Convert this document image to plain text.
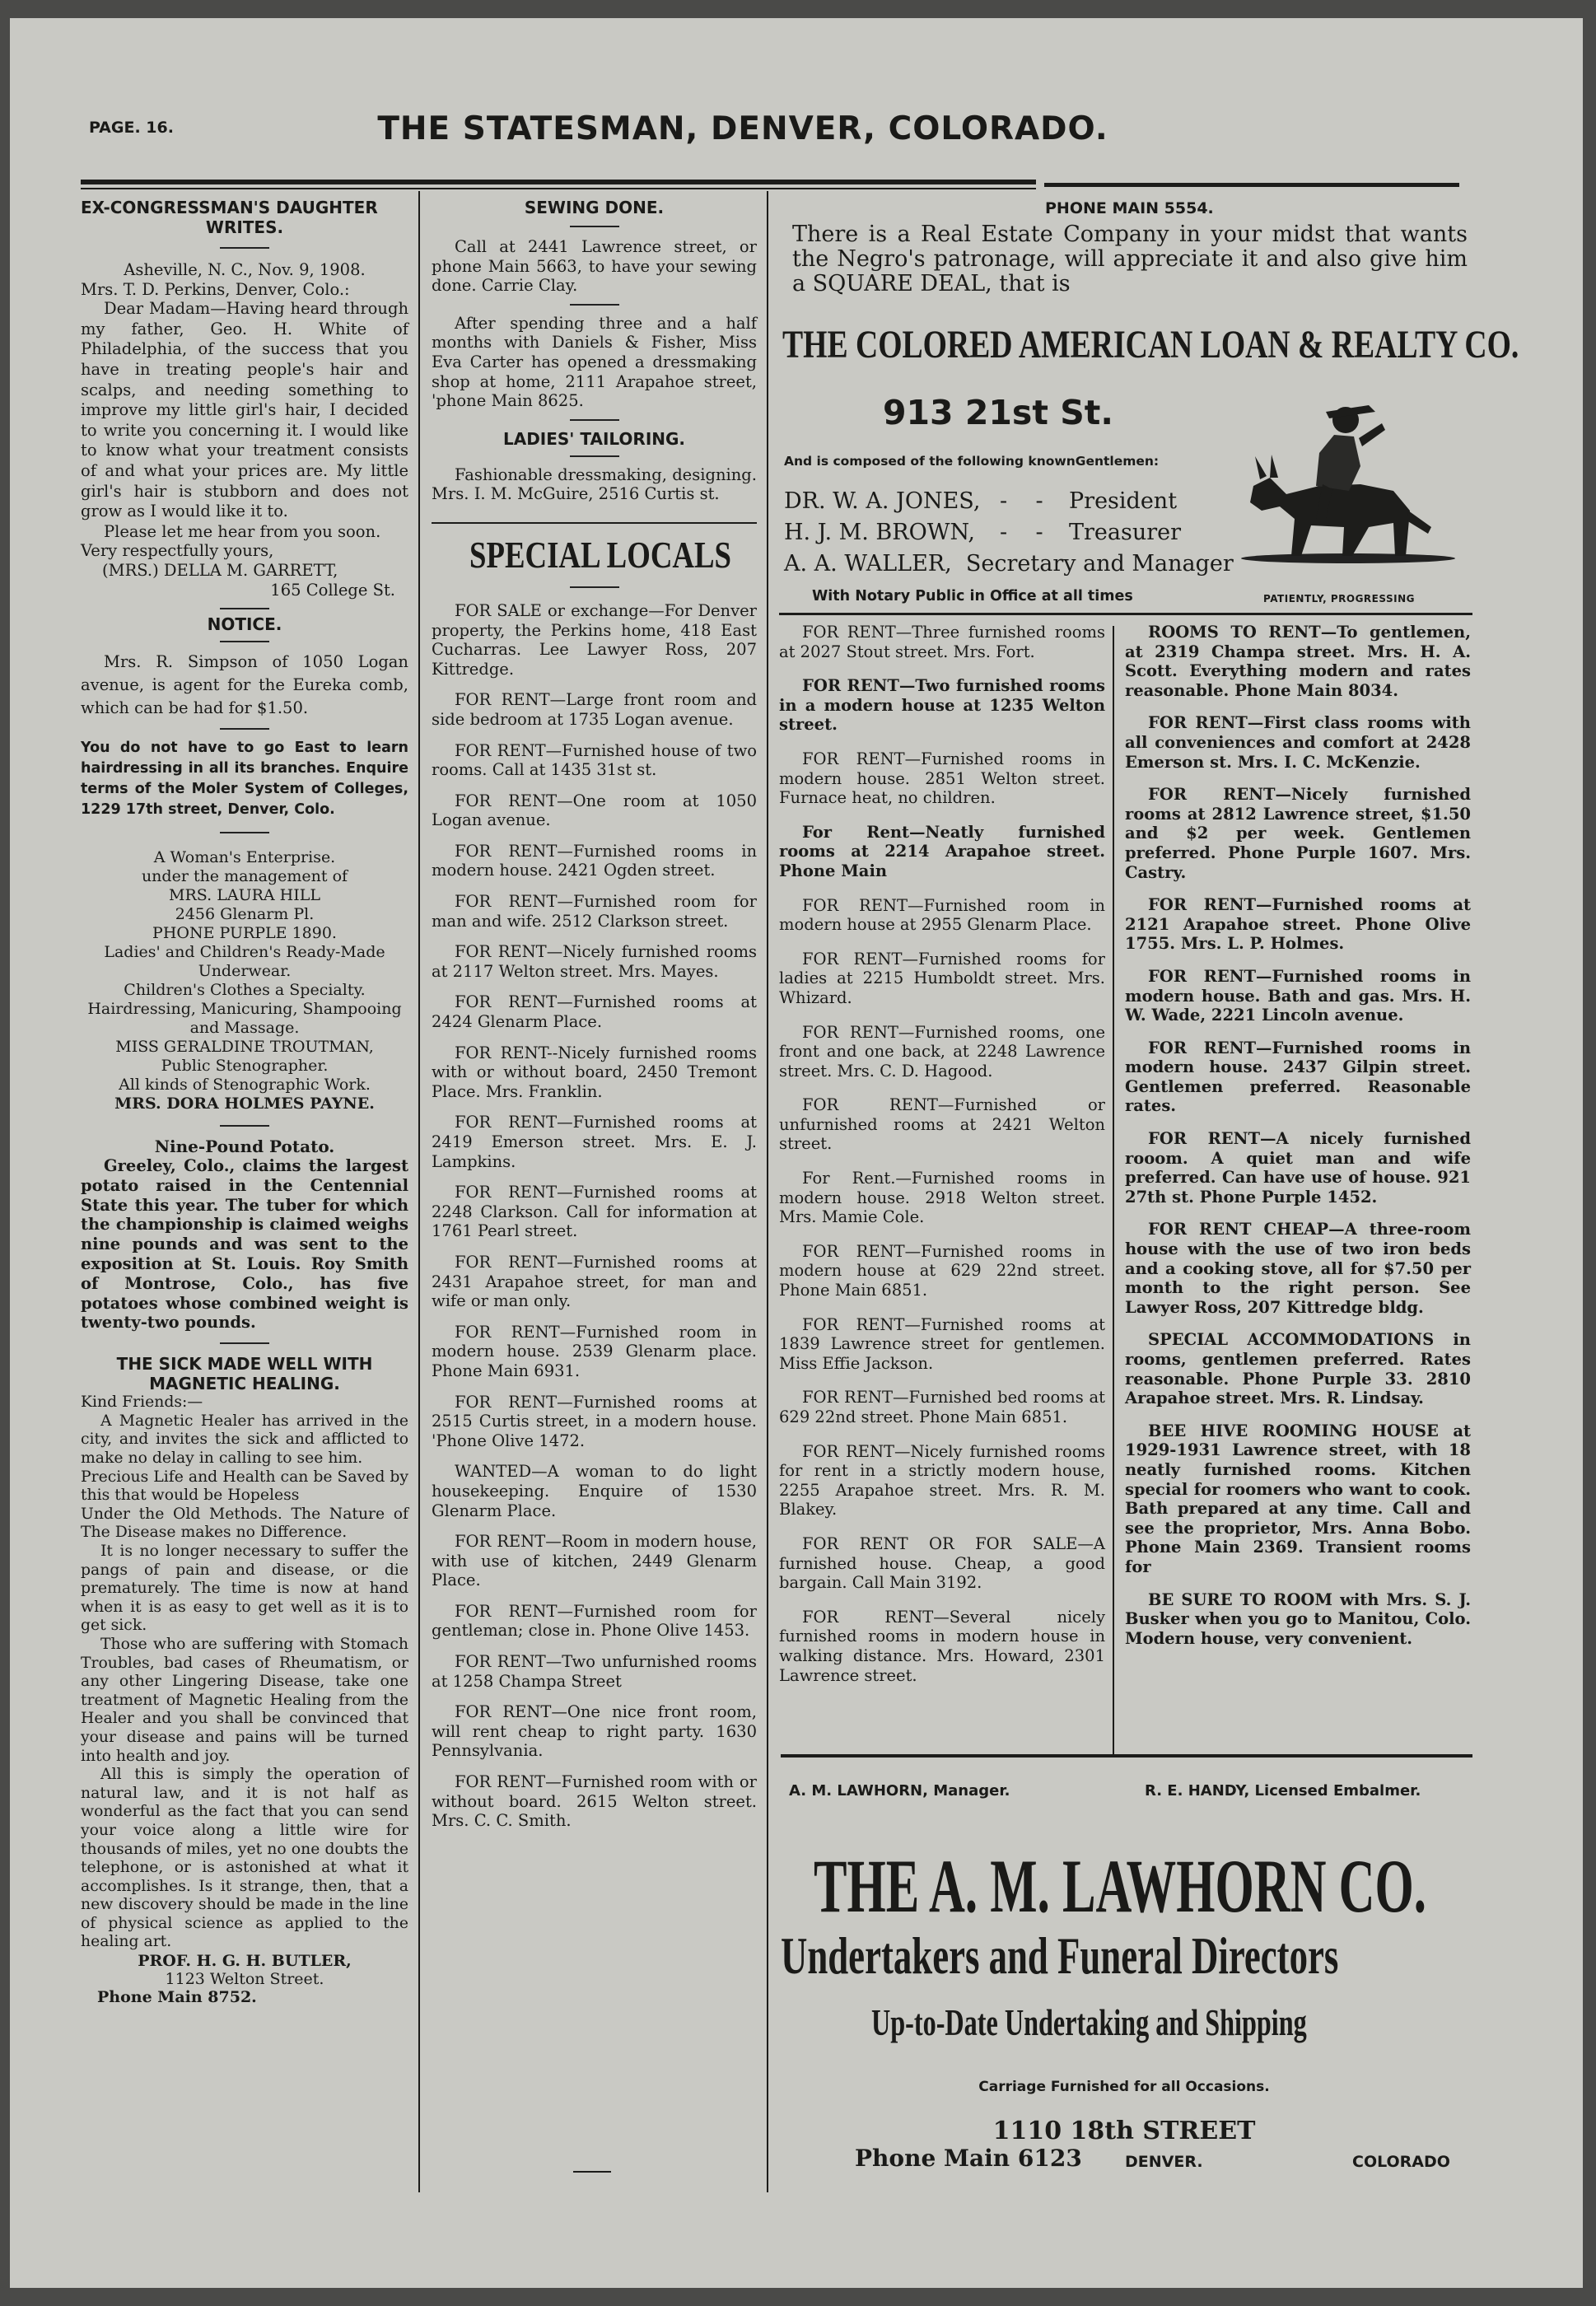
PAGE. 16.	THE STATESMAN, DENVER, COLORADO.

EX-CONGRESSMAN'S DAUGHTER

WRITES.

Asheville, N. C., Nov. 9, 1908.

Mrs. T. D. Perkins, Denver, Colo.:

Dear Madam—Having heard through my father, Geo. H. White of Philadelphia, of the success that you have in treating people's hair and scalps, and needing something to improve my little girl's hair, I decided to write you concerning it. I would like to know what your treatment consists of and what your prices are. My little girl's hair is stubborn and does not grow as I would like it to.

Please let me hear from you soon.

Very respectfully yours,

(MRS.) DELLA M. GARRETT,

165 College St.

NOTICE.

Mrs. R. Simpson of 1050 Logan avenue, is agent for the Eureka comb, which can be had for $1.50.

You do not have to go East to learn hairdressing in all its branches. Enquire terms of the Moler System of Colleges, 1229 17th street, Denver, Colo.

A Woman's Enterprise.
under the management of
MRS. LAURA HILL
2456 Glenarm Pl.
PHONE PURPLE 1890.
Ladies' and Children's Ready-Made Underwear.
Children's Clothes a Specialty.
Hairdressing, Manicuring, Shampooing and Massage.
MISS GERALDINE TROUTMAN,
Public Stenographer.
All kinds of Stenographic Work.
MRS. DORA HOLMES PAYNE.

Nine-Pound Potato.

Greeley, Colo., claims the largest potato raised in the Centennial State this year. The tuber for which the championship is claimed weighs nine pounds and was sent to the exposition at St. Louis. Roy Smith of Montrose, Colo., has five potatoes whose combined weight is twenty-two pounds.

THE SICK MADE WELL WITH
MAGNETIC HEALING.

Kind Friends:—
A Magnetic Healer has arrived in the city, and invites the sick and afflicted to make no delay in calling to see him.
Precious Life and Health can be Saved by this that would be Hopeless
Under the Old Methods. The Nature of The Disease makes no Difference.
It is no longer necessary to suffer the pangs of pain and disease, or die prematurely. The time is now at hand when it is as easy to get well as it is to get sick.
Those who are suffering with Stomach Troubles, bad cases of Rheumatism, or any other Lingering Disease, take one treatment of Magnetic Healing from the Healer and you shall be convinced that your disease and pains will be turned into health and joy.
All this is simply the operation of natural law, and it is not half as wonderful as the fact that you can send your voice along a little wire for thousands of miles, yet no one doubts the telephone, or is astonished at what it accomplishes. Is it strange, then, that a new discovery should be made in the line of physical science as applied to the healing art.

PROF. H. G. H. BUTLER,

1123 Welton Street.

Phone Main 8752.

SEWING DONE.

Call at 2441 Lawrence street, or phone Main 5663, to have your sewing done. Carrie Clay.

After spending three and a half months with Daniels & Fisher, Miss Eva Carter has opened a dressmaking shop at home, 2111 Arapahoe street, 'phone Main 8625.

LADIES' TAILORING.

Fashionable dressmaking, designing. Mrs. I. M. McGuire, 2516 Curtis st.

SPECIAL LOCALS

FOR SALE or exchange—For Denver property, the Perkins home, 418 East Cucharras. Lee Lawyer Ross, 207 Kittredge.

FOR RENT—Large front room and side bedroom at 1735 Logan avenue.

FOR RENT—Furnished house of two rooms. Call at 1435 31st st.

FOR RENT—One room at 1050 Logan avenue.

FOR RENT—Furnished rooms in modern house. 2421 Ogden street.

FOR RENT—Furnished room for man and wife. 2512 Clarkson street.

FOR RENT—Nicely furnished rooms at 2117 Welton street. Mrs. Mayes.

FOR RENT—Furnished rooms at 2424 Glenarm Place.

FOR RENT--Nicely furnished rooms with or without board, 2450 Tremont Place. Mrs. Franklin.

FOR RENT—Furnished rooms at 2419 Emerson street. Mrs. E. J. Lampkins.

FOR RENT—Furnished rooms at 2248 Clarkson. Call for information at 1761 Pearl street.

FOR RENT—Furnished rooms at 2431 Arapahoe street, for man and wife or man only.

FOR RENT—Furnished room in modern house. 2539 Glenarm place. Phone Main 6931.

FOR RENT—Furnished rooms at 2515 Curtis street, in a modern house. 'Phone Olive 1472.

WANTED—A woman to do light housekeeping. Enquire of 1530 Glenarm Place.

FOR RENT—Room in modern house, with use of kitchen, 2449 Glenarm Place.

FOR RENT—Furnished room for gentleman; close in. Phone Olive 1453.

FOR RENT—Two unfurnished rooms at 1258 Champa Street

FOR RENT—One nice front room, will rent cheap to right party. 1630 Pennsylvania.

FOR RENT—Furnished room with or without board. 2615 Welton street. Mrs. C. C. Smith.

PHONE MAIN 5554.
There is a Real Estate Company in your midst that wants the Negro's patronage, will appreciate it and also give him a SQUARE DEAL, that is
THE COLORED AMERICAN LOAN & REALTY CO.
913 21st St.
And is composed of the following knownGentlemen:
DR. W. A. JONES, -    - President
H. J. M. BROWN, -    - Treasurer
A. A. WALLER, Secretary and Manager
With Notary Public in Office at all times	PATIENTLY, PROGRESSING

FOR RENT—Three furnished rooms at 2027 Stout street. Mrs. Fort.

FOR RENT—Two furnished rooms in a modern house at 1235 Welton street.

FOR RENT—Furnished rooms in modern house. 2851 Welton street. Furnace heat, no children.

For Rent—Neatly furnished rooms at 2214 Arapahoe street. Phone Main

FOR RENT—Furnished room in modern house at 2955 Glenarm Place.

FOR RENT—Furnished rooms for ladies at 2215 Humboldt street. Mrs. Whizard.

FOR RENT—Furnished rooms, one front and one back, at 2248 Lawrence street. Mrs. C. D. Hagood.

FOR RENT—Furnished or unfurnished rooms at 2421 Welton street.

For Rent.—Furnished rooms in modern house. 2918 Welton street. Mrs. Mamie Cole.

FOR RENT—Furnished rooms in modern house at 629 22nd street. Phone Main 6851.

FOR RENT—Furnished rooms at 1839 Lawrence street for gentlemen. Miss Effie Jackson.

FOR RENT—Furnished bed rooms at 629 22nd street. Phone Main 6851.

FOR RENT—Nicely furnished rooms for rent in a strictly modern house, 2255 Arapahoe street. Mrs. R. M. Blakey.

FOR RENT OR FOR SALE—A furnished house. Cheap, a good bargain. Call Main 3192.

FOR RENT—Several nicely furnished rooms in modern house in walking distance. Mrs. Howard, 2301 Lawrence street.

ROOMS TO RENT—To gentlemen, at 2319 Champa street. Mrs. H. A. Scott. Everything modern and rates reasonable. Phone Main 8034.

FOR RENT—First class rooms with all conveniences and comfort at 2428 Emerson st. Mrs. I. C. McKenzie.

FOR RENT—Nicely furnished rooms at 2812 Lawrence street, $1.50 and $2 per week. Gentlemen preferred. Phone Purple 1607. Mrs. Castry.

FOR RENT—Furnished rooms at 2121 Arapahoe street. Phone Olive 1755. Mrs. L. P. Holmes.

FOR RENT—Furnished rooms in modern house. Bath and gas. Mrs. H. W. Wade, 2221 Lincoln avenue.

FOR RENT—Furnished rooms in modern house. 2437 Gilpin street. Gentlemen preferred. Reasonable rates.

FOR RENT—A nicely furnished rooom. A quiet man and wife preferred. Can have use of house. 921 27th st. Phone Purple 1452.

FOR RENT CHEAP—A three-room house with the use of two iron beds and a cooking stove, all for $7.50 per month to the right person. See Lawyer Ross, 207 Kittredge bldg.

SPECIAL ACCOMMODATIONS in rooms, gentlemen preferred. Rates reasonable. Phone Purple 33. 2810 Arapahoe street. Mrs. R. Lindsay.

BEE HIVE ROOMING HOUSE at 1929-1931 Lawrence street, with 18 neatly furnished rooms. Kitchen special for roomers who want to cook. Bath prepared at any time. Call and see the proprietor, Mrs. Anna Bobo. Phone Main 2369. Transient rooms for

BE SURE TO ROOM with Mrs. S. J. Busker when you go to Manitou, Colo. Modern house, very convenient.

A. M. LAWHORN, Manager.	R. E. HANDY, Licensed Embalmer.
THE A. M. LAWHORN CO.
Undertakers and Funeral Directors
Up-to-Date Undertaking and Shipping
Carriage Furnished for all Occasions.
1110 18th STREET
Phone Main 6123	DENVER.	COLORADO
